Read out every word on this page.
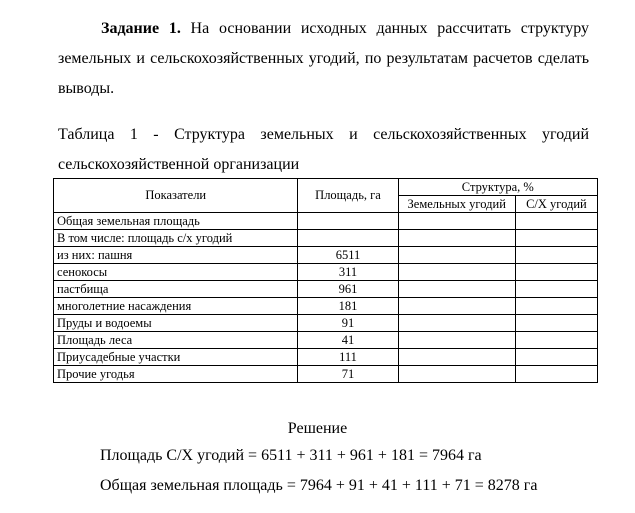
Задание 1. На основании исходных данных рассчитать структуру земельных и сельскохозяйственных угодий, по результатам расчетов сделать выводы.

Таблица 1 - Структура земельных и сельскохозяйственных угодий сельскохозяйственной организации
Показатели	Площадь, га	Структура, %	
		Земельных угодий	С/Х угодий
Общая земельная площадь			
В том числе: площадь с/х угодий			
из них: пашня	6511		
сенокосы	311		
пастбища	961		
многолетние насаждения	181		
Пруды и водоемы	91		
Площадь леса	41		
Приусадебные участки	111		
Прочие угодья	71		
Решение
Площадь С/Х угодий = 6511 + 311 + 961 + 181 = 7964 га
Общая земельная площадь = 7964 + 91 + 41 + 111 + 71 = 8278 га
